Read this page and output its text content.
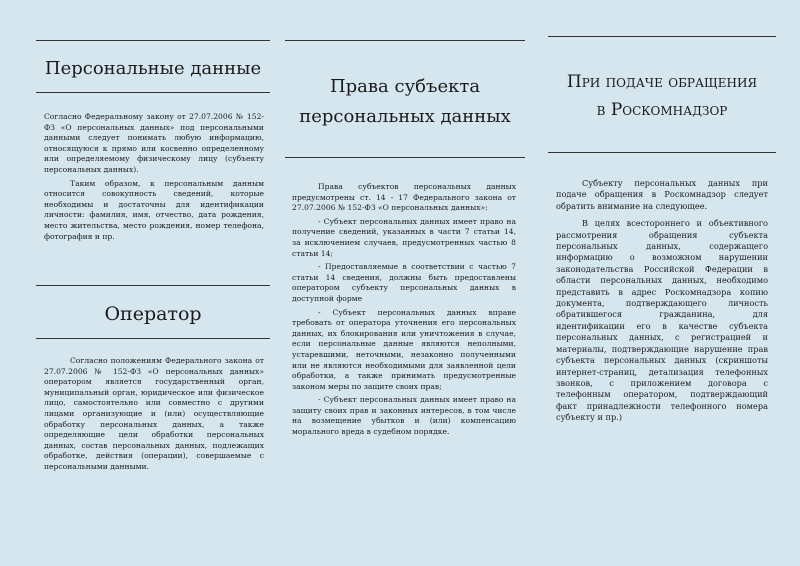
Персональные данные

Согласно Федеральному закону от 27.07.2006 № 152-ФЗ «О персональных данных» под персональными данными следует понимать любую информацию, относящуюся к прямо или косвенно определенному или определяемому физическому лицу (субъекту персональных данных).

Таким образом, к персональным данным относится совокупность сведений, которые необходимы и достаточны для идентификации личности: фамилия, имя, отчество, дата рождения, место жительства, место рождения, номер телефона, фотография и пр.

Оператор

Согласно положениям Федерального закона от 27.07.2006 № 152-ФЗ «О персональных данных» оператором является государственный орган, муниципальный орган, юридическое или физическое лицо, самостоятельно или совместно с другими лицами организующие и (или) осуществляющие обработку персональных данных, а также определяющие цели обработки персональных данных, состав персональных данных, подлежащих обработке, действия (операции), совершаемые с персональными данными.

Права субъекта
персональных данных

Права субъектов персональных данных предусмотрены ст. 14 - 17 Федерального закона от 27.07.2006 № 152-ФЗ «О персональных данных»:

- Субъект персональных данных имеет право на получение сведений, указанных в части 7 статьи 14, за исключением случаев, предусмотренных частью 8 статьи 14;

- Предоставляемые в соответствии с частью 7 статьи 14 сведения, должны быть предоставлены оператором субъекту персональных данных в доступной форме

- Субъект персональных данных вправе требовать от оператора уточнения его персональных данных, их блокирования или уничтожения в случае, если персональные данные являются неполными, устаревшими, неточными, незаконно полученными или не являются необходимыми для заявленной цели обработки, а также принимать предусмотренные законом меры по защите своих прав;

- Субъект персональных данных имеет право на защиту своих прав и законных интересов, в том числе на возмещение убытков и (или) компенсацию морального вреда в судебном порядке.

При подаче обращения
в Роскомнадзор

Субъекту персональных данных при подаче обращения в Роскомнадзор следует обратить внимание на следующее.

В целях всестороннего и объективного рассмотрения обращения субъекта персональных данных, содержащего информацию о возможном нарушении законодательства Российской Федерации в области персональных данных, необходимо представить в адрес Роскомнадзора копию документа, подтверждающего личность обратившегося гражданина, для идентификации его в качестве субъекта персональных данных, с регистрацией и материалы, подтверждающие нарушение прав субъекта персональных данных (скриншоты интернет-страниц, детализация телефонных звонков, с приложением договора с телефонным оператором, подтверждающий факт принадлежности телефонного номера субъекту и пр.)
